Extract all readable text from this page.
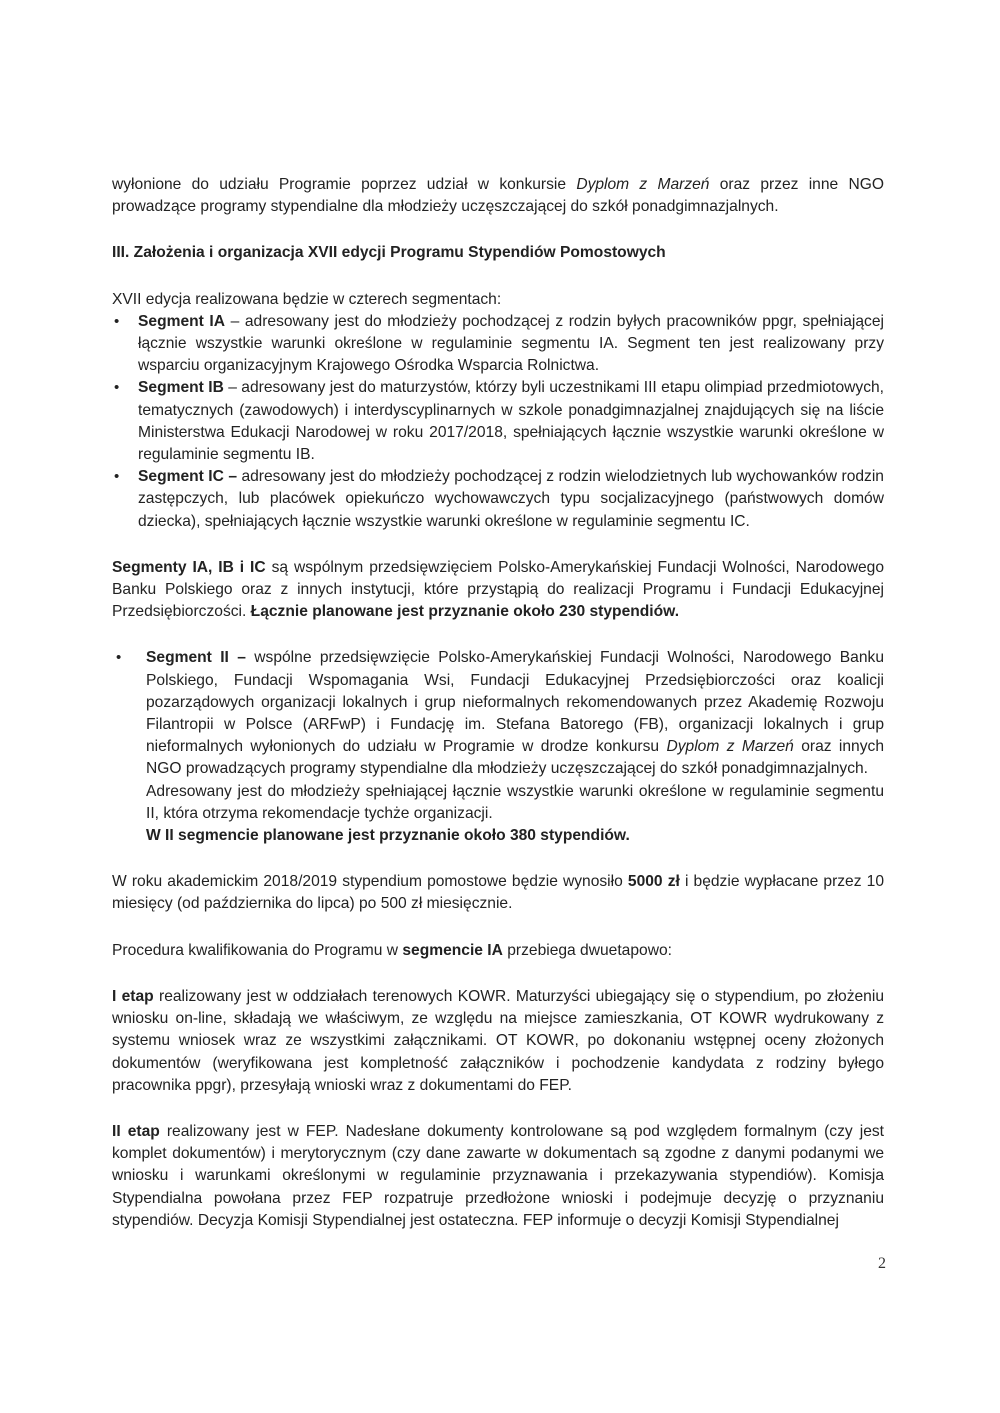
wyłonione do udziału Programie poprzez udział w konkursie Dyplom z Marzeń oraz przez inne NGO prowadzące programy stypendialne dla młodzieży uczęszczającej do szkół ponadgimnazjalnych.

III. Założenia i organizacja XVII edycji Programu Stypendiów Pomostowych

XVII edycja realizowana będzie w czterech segmentach:

• Segment IA – adresowany jest do młodzieży pochodzącej z rodzin byłych pracowników ppgr, spełniającej łącznie wszystkie warunki określone w regulaminie segmentu IA. Segment ten jest realizowany przy wsparciu organizacyjnym Krajowego Ośrodka Wsparcia Rolnictwa.
• Segment IB – adresowany jest do maturzystów, którzy byli uczestnikami III etapu olimpiad przedmiotowych, tematycznych (zawodowych) i interdyscyplinarnych w szkole ponadgimnazjalnej znajdujących się na liście Ministerstwa Edukacji Narodowej w roku 2017/2018, spełniających łącznie wszystkie warunki określone w regulaminie segmentu IB.
• Segment IC – adresowany jest do młodzieży pochodzącej z rodzin wielodzietnych lub wychowanków rodzin zastępczych, lub placówek opiekuńczo wychowawczych typu socjalizacyjnego (państwowych domów dziecka), spełniających łącznie wszystkie warunki określone w regulaminie segmentu IC.

Segmenty IA, IB i IC są wspólnym przedsięwzięciem Polsko-Amerykańskiej Fundacji Wolności, Narodowego Banku Polskiego oraz z innych instytucji, które przystąpią do realizacji Programu i Fundacji Edukacyjnej Przedsiębiorczości. Łącznie planowane jest przyznanie około 230 stypendiów.

• Segment II – wspólne przedsięwzięcie Polsko-Amerykańskiej Fundacji Wolności, Narodowego Banku Polskiego, Fundacji Wspomagania Wsi, Fundacji Edukacyjnej Przedsiębiorczości oraz koalicji pozarządowych organizacji lokalnych i grup nieformalnych rekomendowanych przez Akademię Rozwoju Filantropii w Polsce (ARFwP) i Fundację im. Stefana Batorego (FB), organizacji lokalnych i grup nieformalnych wyłonionych do udziału w Programie w drodze konkursu Dyplom z Marzeń oraz innych NGO prowadzących programy stypendialne dla młodzieży uczęszczającej do szkół ponadgimnazjalnych.

Adresowany jest do młodzieży spełniającej łącznie wszystkie warunki określone w regulaminie segmentu II, która otrzyma rekomendacje tychże organizacji.

W II segmencie planowane jest przyznanie około 380 stypendiów.

W roku akademickim 2018/2019 stypendium pomostowe będzie wynosiło 5000 zł i będzie wypłacane przez 10 miesięcy (od października do lipca) po 500 zł miesięcznie.

Procedura kwalifikowania do Programu w segmencie IA przebiega dwuetapowo:

I etap realizowany jest w oddziałach terenowych KOWR. Maturzyści ubiegający się o stypendium, po złożeniu wniosku on-line, składają we właściwym, ze względu na miejsce zamieszkania, OT KOWR wydrukowany z systemu wniosek wraz ze wszystkimi załącznikami. OT KOWR, po dokonaniu wstępnej oceny złożonych dokumentów (weryfikowana jest kompletność załączników i pochodzenie kandydata z rodziny byłego pracownika ppgr), przesyłają wnioski wraz z dokumentami do FEP.

II etap realizowany jest w FEP. Nadesłane dokumenty kontrolowane są pod względem formalnym (czy jest komplet dokumentów) i merytorycznym (czy dane zawarte w dokumentach są zgodne z danymi podanymi we wniosku i warunkami określonymi w regulaminie przyznawania i przekazywania stypendiów). Komisja Stypendialna powołana przez FEP rozpatruje przedłożone wnioski i podejmuje decyzję o przyznaniu stypendiów. Decyzja Komisji Stypendialnej jest ostateczna. FEP informuje o decyzji Komisji Stypendialnej

2
